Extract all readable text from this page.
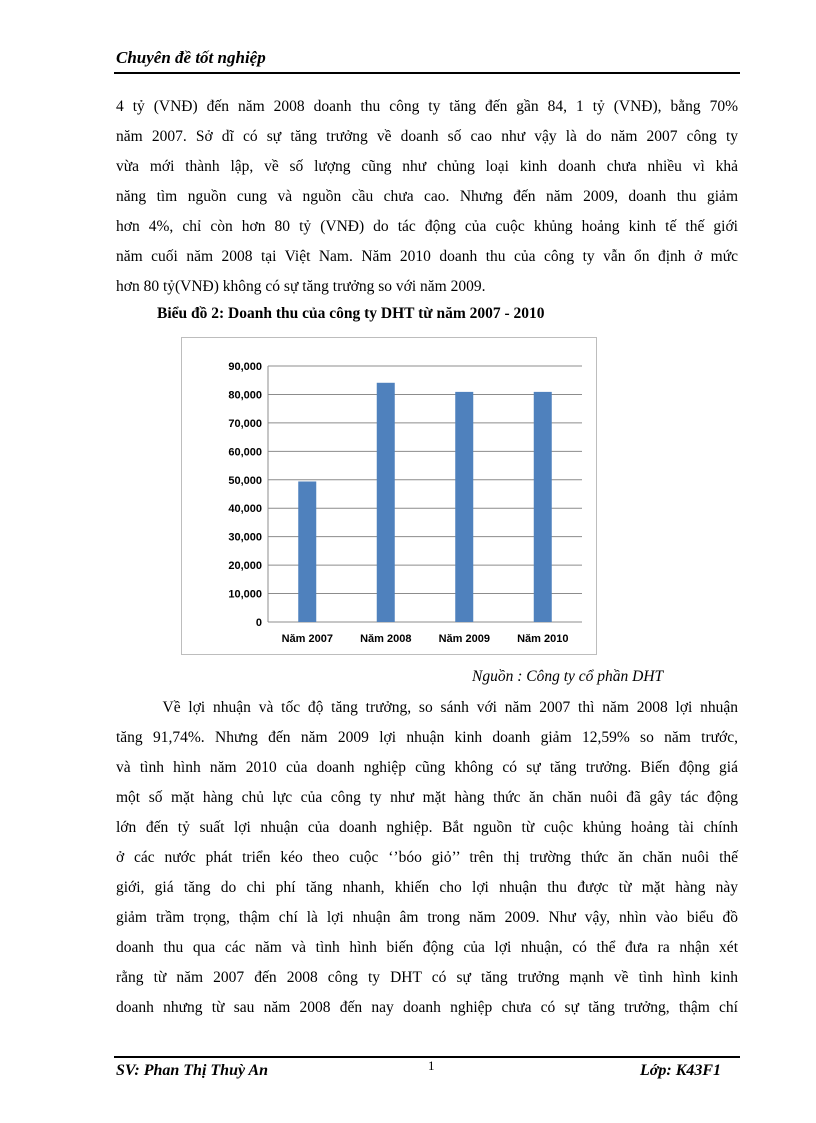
Chuyên đề tốt nghiệp
4 tỷ (VNĐ) đến năm 2008 doanh thu công ty tăng đến gần 84, 1 tỷ (VNĐ), bằng 70%
năm 2007. Sở dĩ có sự tăng trưởng về doanh số cao như vậy là do năm 2007 công ty
vừa mới thành lập, về số lượng cũng như chủng loại kinh doanh chưa nhiều vì khả
năng tìm nguồn cung và nguồn cầu chưa cao. Nhưng đến năm 2009, doanh thu giảm
hơn 4%, chỉ còn hơn 80 tỷ (VNĐ) do tác động của cuộc khủng hoảng kinh tế thế giới
năm cuối năm 2008 tại Việt Nam. Năm 2010 doanh thu của công ty vẫn ổn định ở mức
hơn 80 tỷ(VNĐ) không có sự tăng trưởng so với năm 2009.
Biểu đồ 2: Doanh thu của công ty DHT từ năm 2007 - 2010
0
10,000
20,000
30,000
40,000
50,000
60,000
70,000
80,000
90,000
Năm 2007 Năm 2008 Năm 2009 Năm 2010
Nguồn : Công ty cổ phần DHT
Về lợi nhuận và tốc độ tăng trưởng, so sánh với năm 2007 thì năm 2008 lợi nhuận
tăng 91,74%. Nhưng đến năm 2009 lợi nhuận kinh doanh giảm 12,59% so năm trước,
và tình hình năm 2010 của doanh nghiệp cũng không có sự tăng trưởng. Biến động giá
một số mặt hàng chủ lực của công ty như mặt hàng thức ăn chăn nuôi đã gây tác động
lớn đến tỷ suất lợi nhuận của doanh nghiệp. Bắt nguồn từ cuộc khủng hoảng tài chính
ở các nước phát triển kéo theo cuộc ‘’bóo giỏ’’ trên thị trường thức ăn chăn nuôi thế
giới, giá tăng do chi phí tăng nhanh, khiến cho lợi nhuận thu được từ mặt hàng này
giảm trầm trọng, thậm chí là lợi nhuận âm trong năm 2009. Như vậy, nhìn vào biểu đồ
doanh thu qua các năm và tình hình biến động của lợi nhuận, có thể đưa ra nhận xét
rằng từ năm 2007 đến 2008 công ty DHT có sự tăng trưởng mạnh về tình hình kinh
doanh nhưng từ sau năm 2008 đến nay doanh nghiệp chưa có sự tăng trưởng, thậm chí
SV: Phan Thị Thuỳ An	1	Lớp: K43F1
